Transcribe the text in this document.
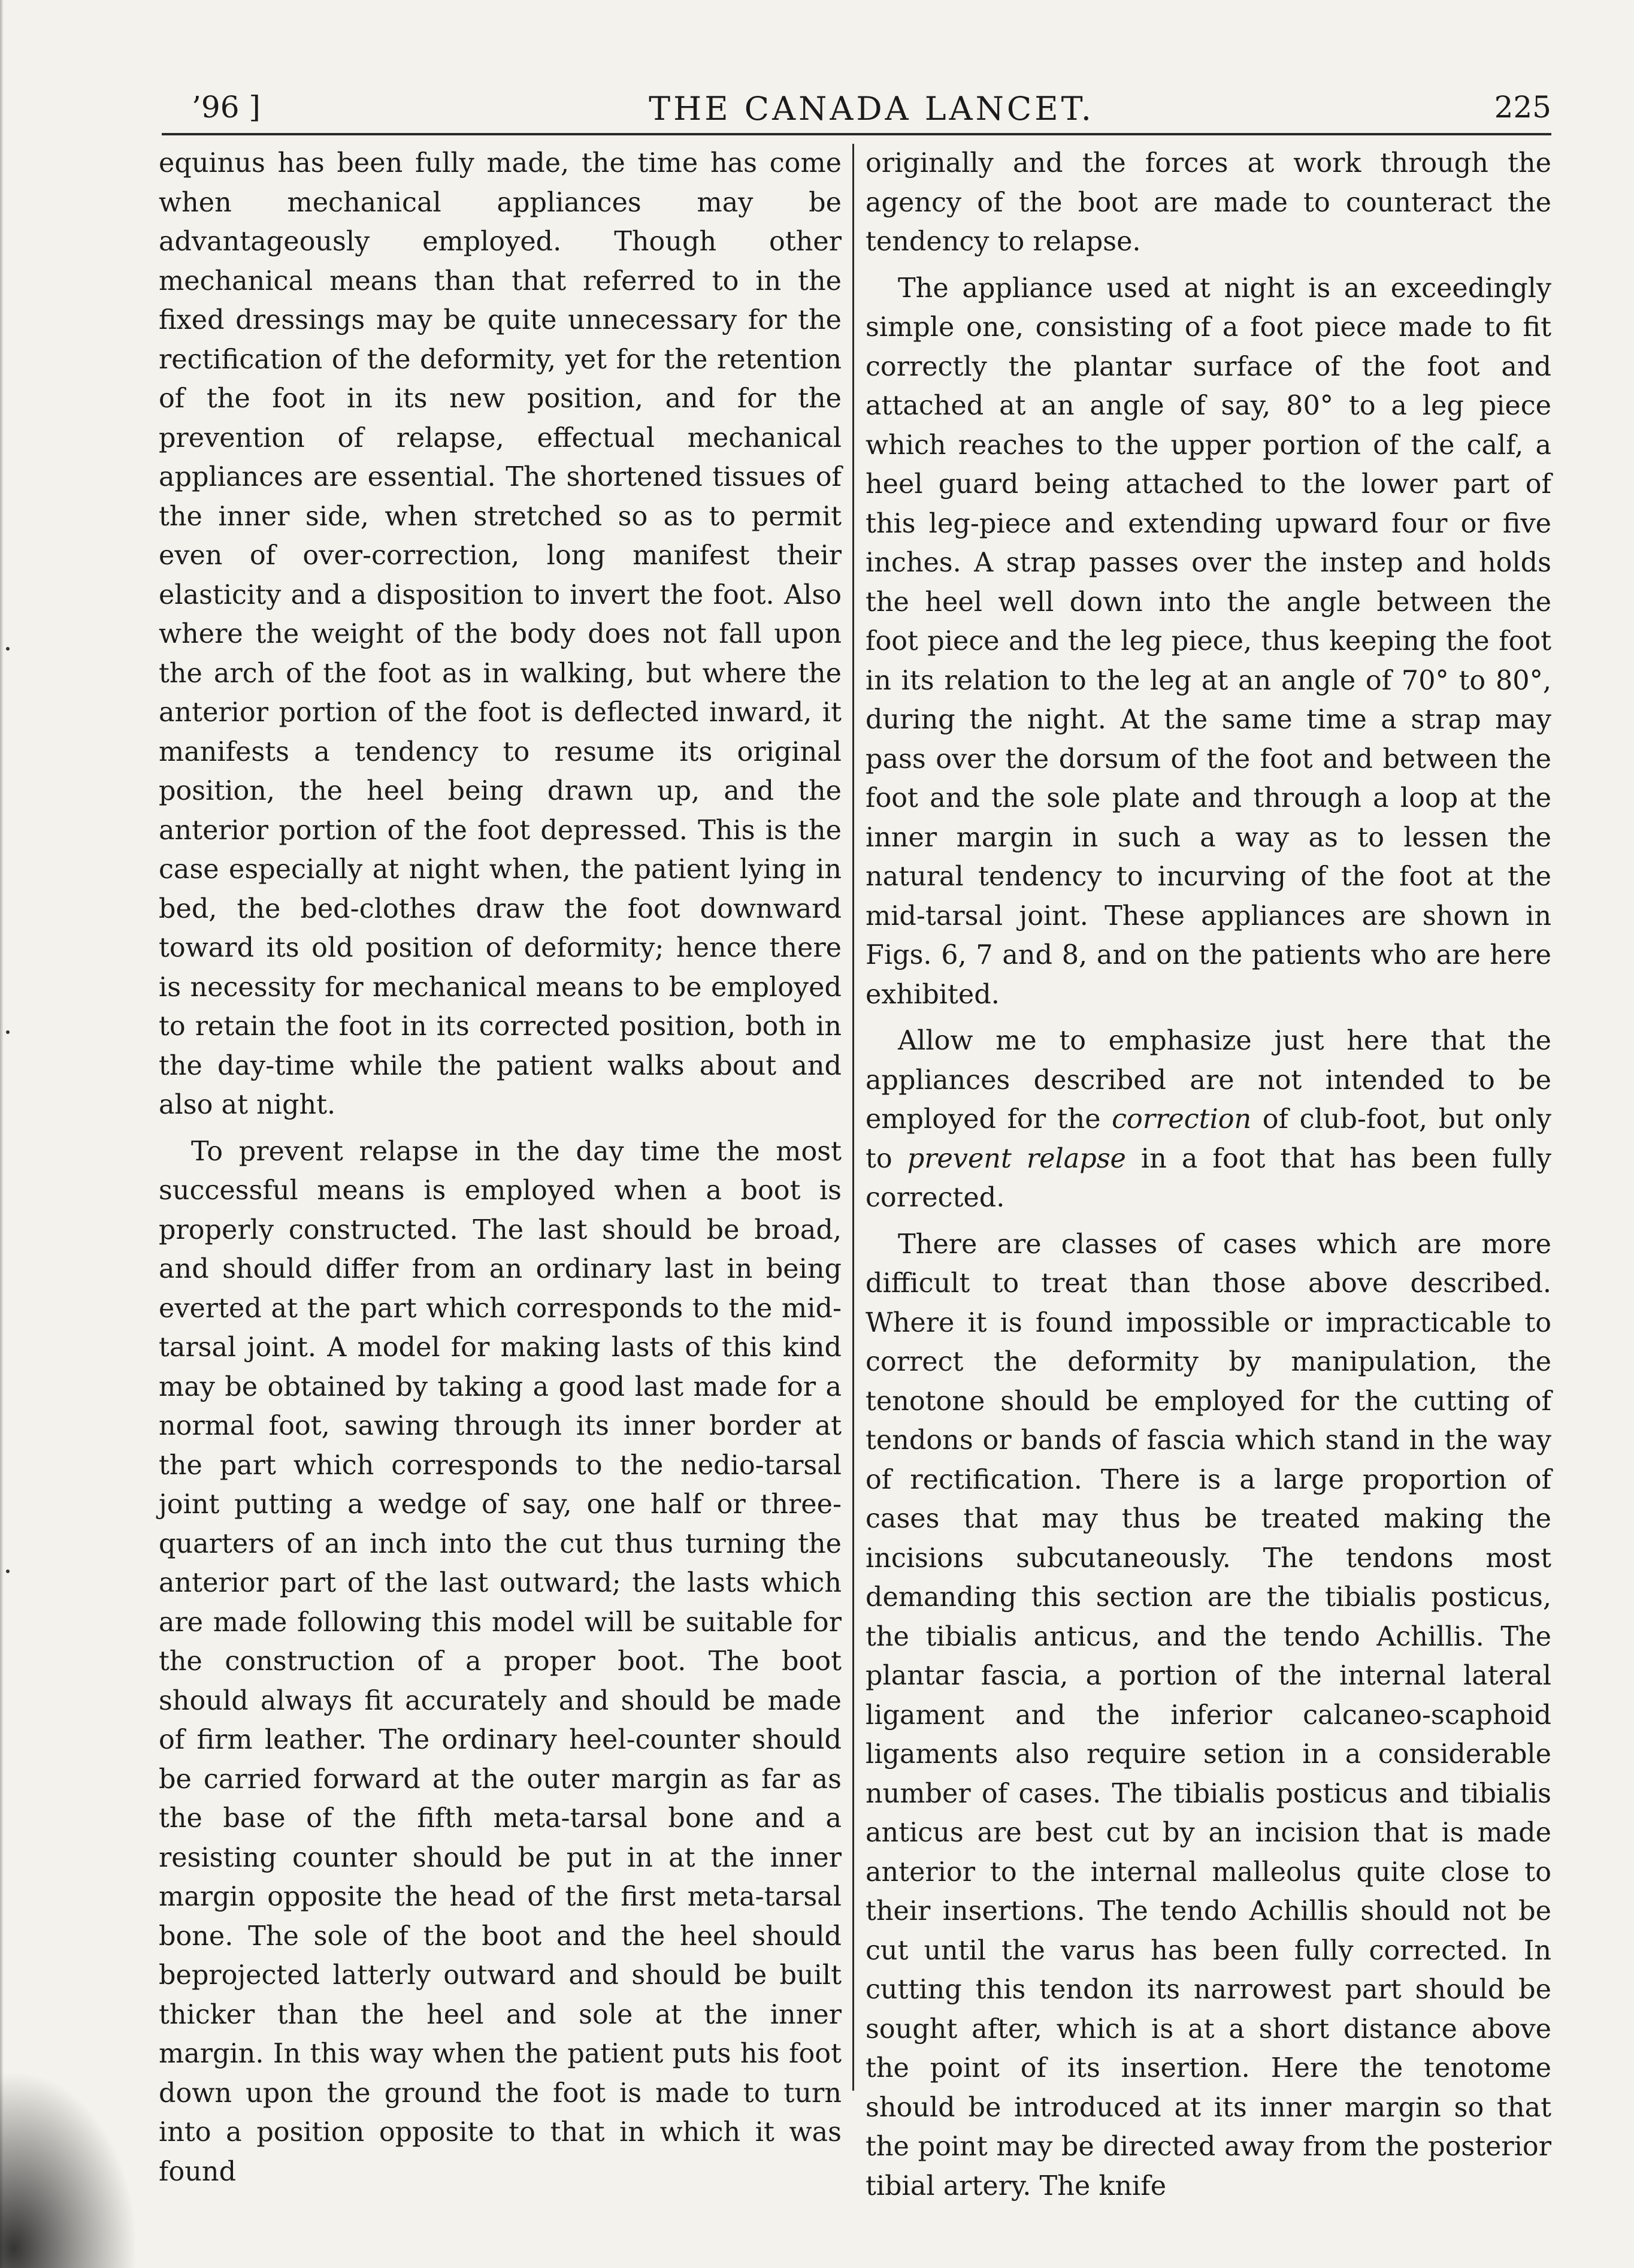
’96 ]	THE CANADA LANCET.	225

equinus has been fully made, the time has come when mechanical appliances may be advantageously employed. Though other mechanical means than that referred to in the fixed dressings may be quite unnecessary for the rectification of the deformity, yet for the retention of the foot in its new position, and for the prevention of relapse, effectual mechanical appliances are essential. The shortened tissues of the inner side, when stretched so as to permit even of over-correction, long manifest their elasticity and a disposition to invert the foot. Also where the weight of the body does not fall upon the arch of the foot as in walking, but where the anterior portion of the foot is deflected inward, it manifests a tendency to resume its original position, the heel being drawn up, and the anterior portion of the foot depressed. This is the case especially at night when, the patient lying in bed, the bed-clothes draw the foot downward toward its old position of deformity; hence there is necessity for mechanical means to be employed to retain the foot in its corrected position, both in the day-time while the patient walks about and also at night.

To prevent relapse in the day time the most successful means is employed when a boot is properly constructed. The last should be broad, and should differ from an ordinary last in being everted at the part which corresponds to the mid-tarsal joint. A model for making lasts of this kind may be obtained by taking a good last made for a normal foot, sawing through its inner border at the part which corresponds to the nedio-tarsal joint putting a wedge of say, one half or three-quarters of an inch into the cut thus turning the anterior part of the last outward; the lasts which are made following this model will be suitable for the construction of a proper boot. The boot should always fit accurately and should be made of firm leather. The ordinary heel-counter should be carried forward at the outer margin as far as the base of the fifth meta-tarsal bone and a resisting counter should be put in at the inner margin opposite the head of the first meta-tarsal bone. The sole of the boot and the heel should beprojected latterly outward and should be built thicker than the heel and sole at the inner margin. In this way when the patient puts his foot down upon the ground the foot is made to turn into a position opposite to that in which it was found

originally and the forces at work through the agency of the boot are made to counteract the tendency to relapse.

The appliance used at night is an exceedingly simple one, consisting of a foot piece made to fit correctly the plantar surface of the foot and attached at an angle of say, 80° to a leg piece which reaches to the upper portion of the calf, a heel guard being attached to the lower part of this leg-piece and extending upward four or five inches. A strap passes over the instep and holds the heel well down into the angle between the foot piece and the leg piece, thus keeping the foot in its relation to the leg at an angle of 70° to 80°, during the night. At the same time a strap may pass over the dorsum of the foot and between the foot and the sole plate and through a loop at the inner margin in such a way as to lessen the natural tendency to incurving of the foot at the mid-tarsal joint. These appliances are shown in Figs. 6, 7 and 8, and on the patients who are here exhibited.

Allow me to emphasize just here that the appliances described are not intended to be employed for the correction of club-foot, but only to prevent relapse in a foot that has been fully corrected.

There are classes of cases which are more difficult to treat than those above described. Where it is found impossible or impracticable to correct the deformity by manipulation, the tenotone should be employed for the cutting of tendons or bands of fascia which stand in the way of rectification. There is a large proportion of cases that may thus be treated making the incisions subcutaneously. The tendons most demanding this section are the tibialis posticus, the tibialis anticus, and the tendo Achillis. The plantar fascia, a portion of the internal lateral ligament and the inferior calcaneo-scaphoid ligaments also require setion in a considerable number of cases. The tibialis posticus and tibialis anticus are best cut by an incision that is made anterior to the internal malleolus quite close to their insertions. The tendo Achillis should not be cut until the varus has been fully corrected. In cutting this tendon its narrowest part should be sought after, which is at a short distance above the point of its insertion. Here the tenotome should be introduced at its inner margin so that the point may be directed away from the posterior tibial artery. The knife
